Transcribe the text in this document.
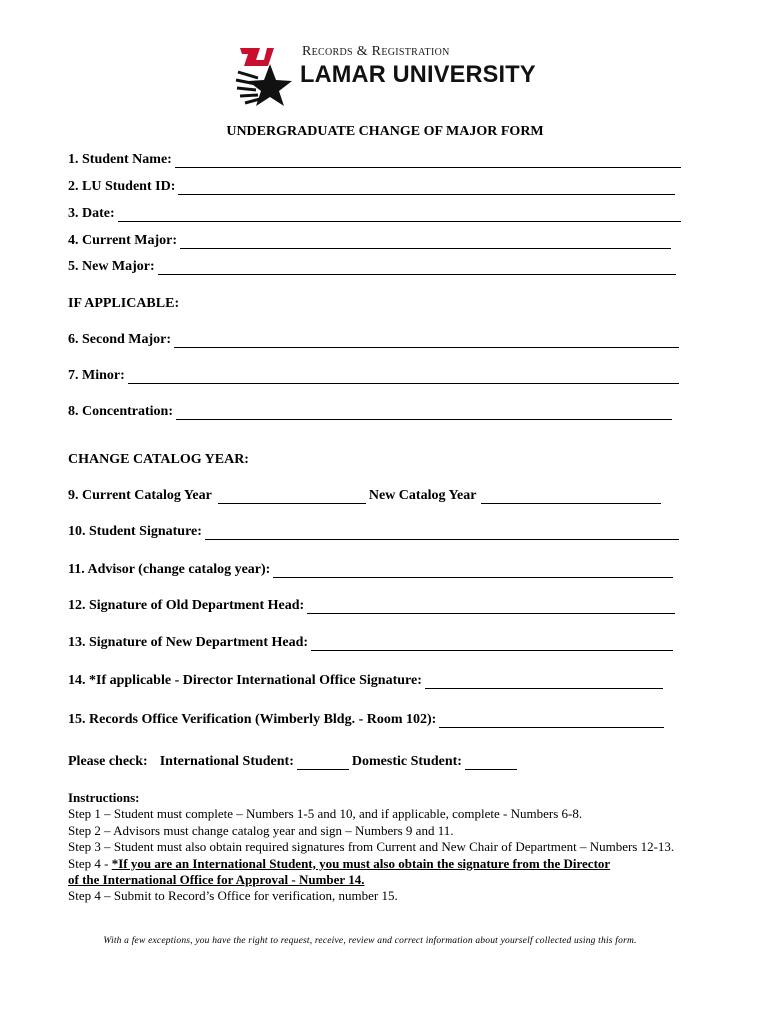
Records & Registration
LAMAR UNIVERSITY
UNDERGRADUATE CHANGE OF MAJOR FORM
1. Student Name:
2. LU Student ID:
3. Date:
4. Current Major:
5. New Major:
IF APPLICABLE:
6. Second Major:
7. Minor:
8. Concentration:
CHANGE CATALOG YEAR:
9. Current Catalog Year	New Catalog Year
10. Student Signature:
11. Advisor (change catalog year):
12. Signature of Old Department Head:
13. Signature of New Department Head:
14. *If applicable - Director International Office Signature:
15. Records Office Verification (Wimberly Bldg. - Room 102):
Please check: International Student:	Domestic Student:
Instructions:
Step 1 – Student must complete – Numbers 1-5 and 10, and if applicable, complete - Numbers 6-8.
Step 2 – Advisors must change catalog year and sign – Numbers 9 and 11.
Step 3 – Student must also obtain required signatures from Current and New Chair of Department – Numbers 12-13.
Step 4 - *If you are an International Student, you must also obtain the signature from the Director
of the International Office for Approval - Number 14.
Step 4 – Submit to Record’s Office for verification, number 15.
With a few exceptions, you have the right to request, receive, review and correct information about yourself collected using this form.
